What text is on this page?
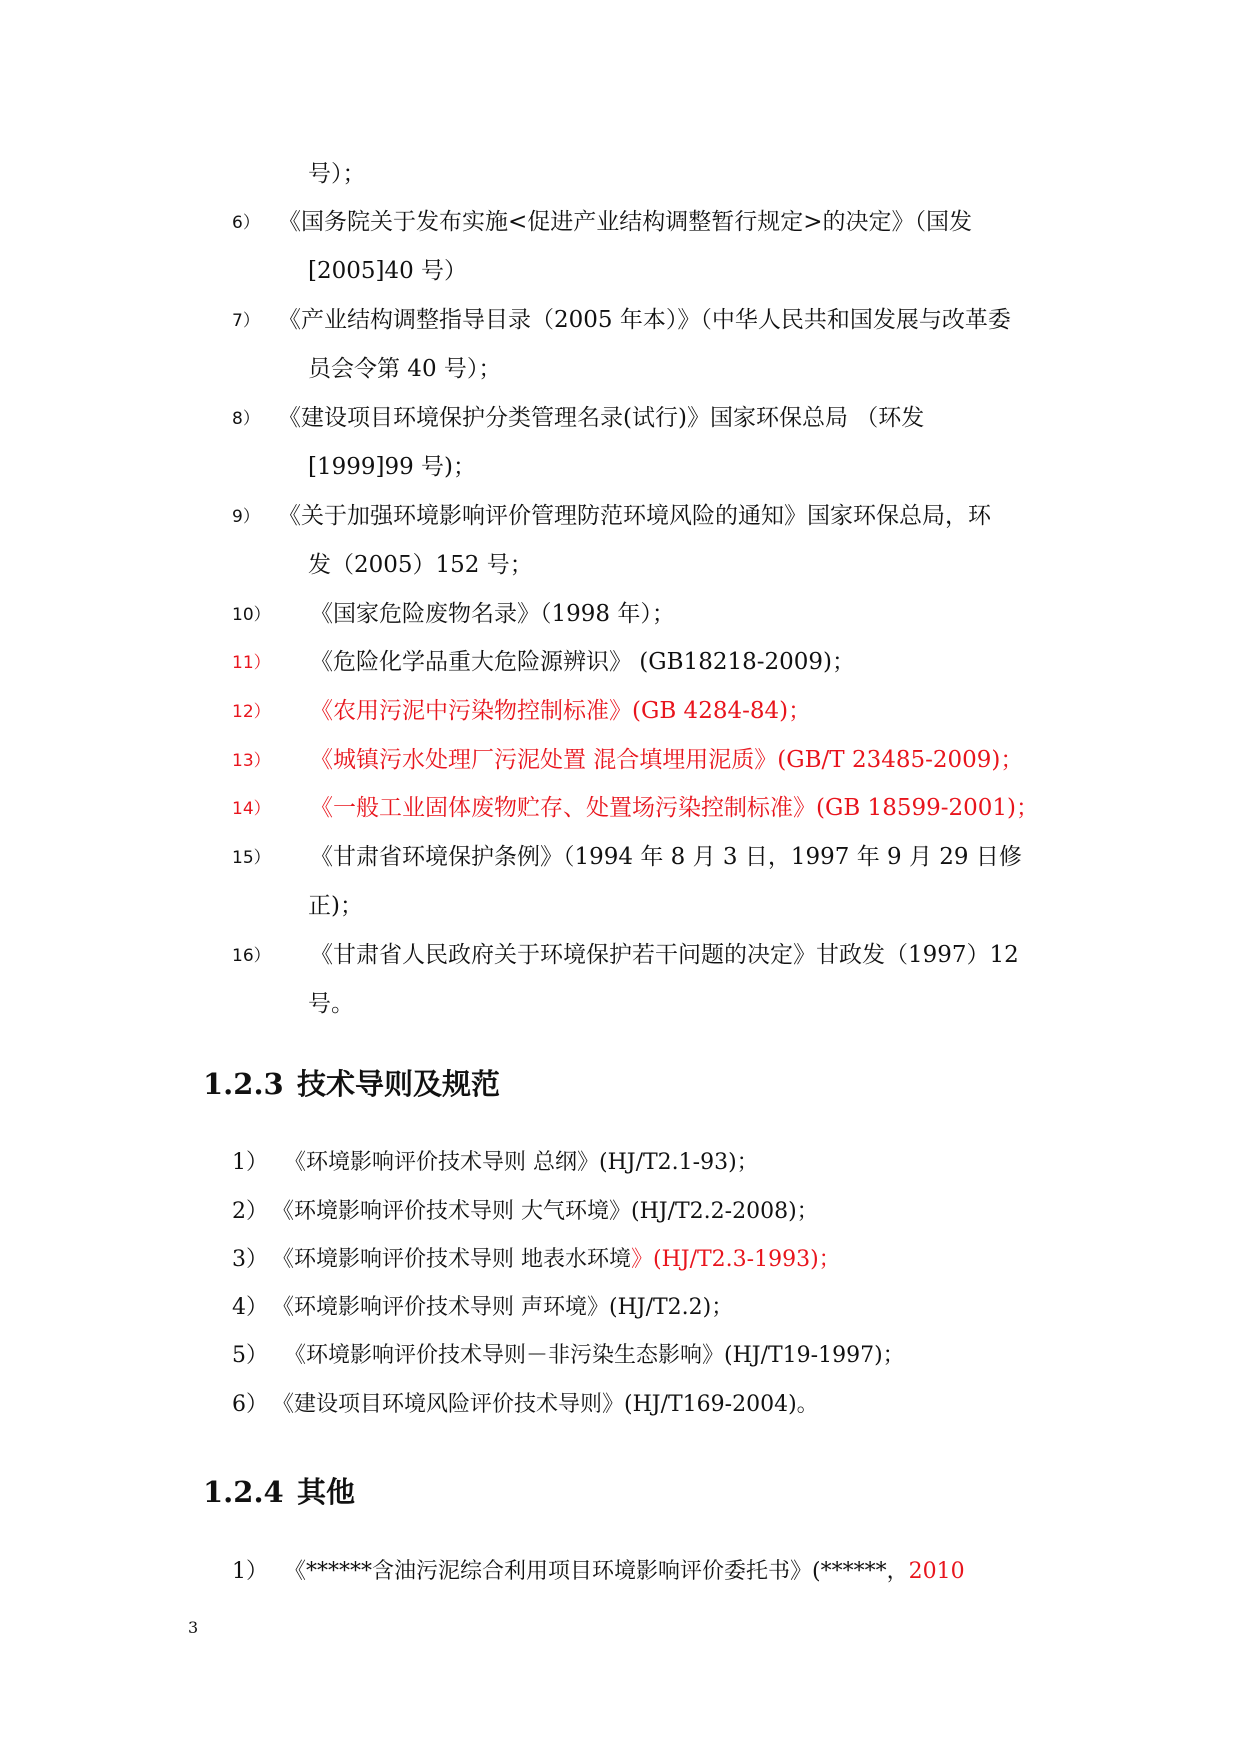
号）；
6） 《国务院关于发布实施<促进产业结构调整暂行规定>的决定》（国发
[2005]40 号）
7） 《产业结构调整指导目录（2005 年本）》（中华人民共和国发展与改革委
员会令第 40 号）；
8） 《建设项目环境保护分类管理名录(试行)》国家环保总局 （环发
[1999]99 号)；
9） 《关于加强环境影响评价管理防范环境风险的通知》国家环保总局，环
发（2005）152 号；
10） 《国家危险废物名录》（1998 年）；
11） 《危险化学品重大危险源辨识》 (GB18218-2009)；
12） 《农用污泥中污染物控制标准》(GB 4284-84)；
13） 《城镇污水处理厂污泥处置 混合填埋用泥质》(GB/T 23485-2009)；
14） 《一般工业固体废物贮存、处置场污染控制标准》(GB 18599-2001)；
15） 《甘肃省环境保护条例》（1994 年 8 月 3 日，1997 年 9 月 29 日修
正)；
16） 《甘肃省人民政府关于环境保护若干问题的决定》甘政发（1997）12
号。
1.2.3 技术导则及规范
1） 《环境影响评价技术导则 总纲》(HJ/T2.1-93)；
2） 《环境影响评价技术导则 大气环境》(HJ/T2.2-2008)；
3） 《环境影响评价技术导则 地表水环境》(HJ/T2.3-1993)；
4） 《环境影响评价技术导则 声环境》(HJ/T2.2)；
5） 《环境影响评价技术导则－非污染生态影响》(HJ/T19-1997)；
6） 《建设项目环境风险评价技术导则》(HJ/T169-2004)。
1.2.4 其他
1） 《******含油污泥综合利用项目环境影响评价委托书》(******，2010
3
